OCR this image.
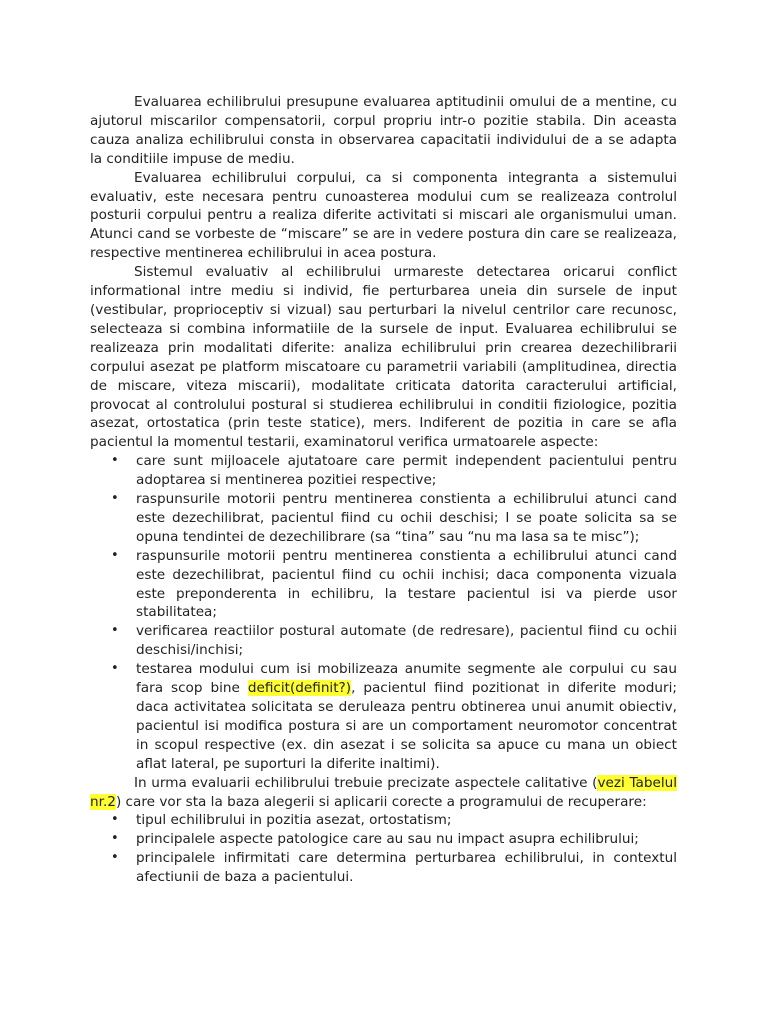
Evaluarea echilibrului presupune evaluarea aptitudinii omului de a mentine, cu ajutorul miscarilor compensatorii, corpul propriu intr-o pozitie stabila. Din aceasta cauza analiza echilibrului consta in observarea capacitatii individului de a se adapta la conditiile impuse de mediu.

Evaluarea echilibrului corpului, ca si componenta integranta a sistemului evaluativ, este necesara pentru cunoasterea modului cum se realizeaza controlul posturii corpului pentru a realiza diferite activitati si miscari ale organismului uman. Atunci cand se vorbeste de “miscare” se are in vedere postura din care se realizeaza, respective mentinerea echilibrului in acea postura.

Sistemul evaluativ al echilibrului urmareste detectarea oricarui conflict informational intre mediu si individ, fie perturbarea uneia din sursele de input (vestibular, proprioceptiv si vizual) sau perturbari la nivelul centrilor care recunosc, selecteaza si combina informatiile de la sursele de input. Evaluarea echilibrului se realizeaza prin modalitati diferite: analiza echilibrului prin crearea dezechilibrarii corpului asezat pe platform miscatoare cu parametrii variabili (amplitudinea, directia de miscare, viteza miscarii), modalitate criticata datorita caracterului artificial, provocat al controlului postural si studierea echilibrului in conditii fiziologice, pozitia asezat, ortostatica (prin teste statice), mers. Indiferent de pozitia in care se afla pacientul la momentul testarii, examinatorul verifica urmatoarele aspecte:

• care sunt mijloacele ajutatoare care permit independent pacientului pentru adoptarea si mentinerea pozitiei respective;
• raspunsurile motorii pentru mentinerea constienta a echilibrului atunci cand este dezechilibrat, pacientul fiind cu ochii deschisi; I se poate solicita sa se opuna tendintei de dezechilibrare (sa “tina” sau “nu ma lasa sa te misc”);
• raspunsurile motorii pentru mentinerea constienta a echilibrului atunci cand este dezechilibrat, pacientul fiind cu ochii inchisi; daca componenta vizuala este preponderenta in echilibru, la testare pacientul isi va pierde usor stabilitatea;
• verificarea reactiilor postural automate (de redresare), pacientul fiind cu ochii deschisi/inchisi;
• testarea modului cum isi mobilizeaza anumite segmente ale corpului cu sau fara scop bine deficit(definit?), pacientul fiind pozitionat in diferite moduri; daca activitatea solicitata se deruleaza pentru obtinerea unui anumit obiectiv, pacientul isi modifica postura si are un comportament neuromotor concentrat in scopul respective (ex. din asezat i se solicita sa apuce cu mana un obiect aflat lateral, pe suporturi la diferite inaltimi).

In urma evaluarii echilibrului trebuie precizate aspectele calitative (vezi Tabelul nr.2) care vor sta la baza alegerii si aplicarii corecte a programului de recuperare:

• tipul echilibrului in pozitia asezat, ortostatism;
• principalele aspecte patologice care au sau nu impact asupra echilibrului;
• principalele infirmitati care determina perturbarea echilibrului, in contextul afectiunii de baza a pacientului.
